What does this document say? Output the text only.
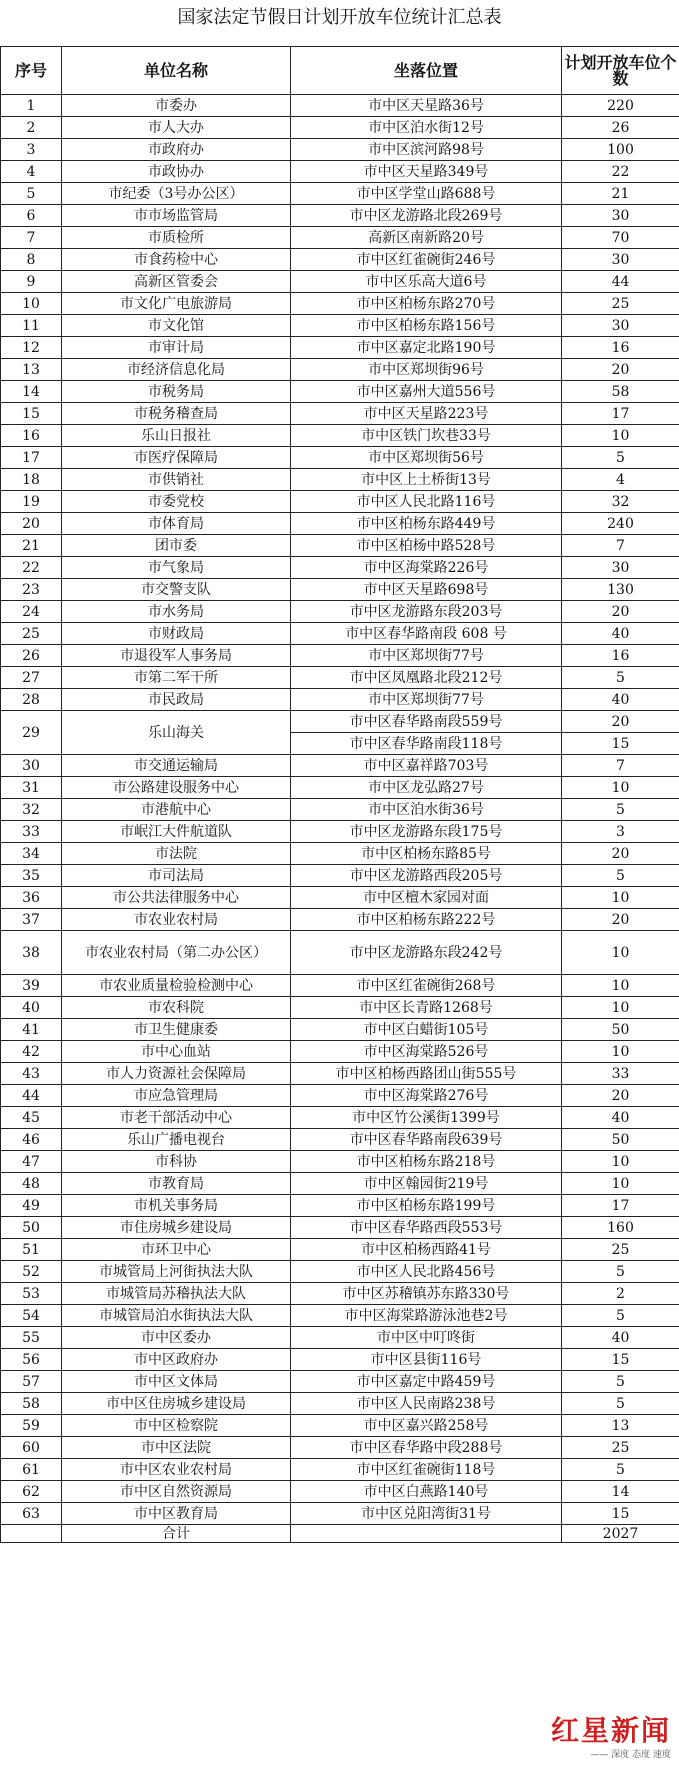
国家法定节假日计划开放车位统计汇总表
序号	单位名称	坐落位置	计划开放车位个数
1	市委办	市中区天星路36号	220
2	市人大办	市中区泊水街12号	26
3	市政府办	市中区滨河路98号	100
4	市政协办	市中区天星路349号	22
5	市纪委（3号办公区）	市中区学堂山路688号	21
6	市市场监管局	市中区龙游路北段269号	30
7	市质检所	高新区南新路20号	70
8	市食药检中心	市中区红雀碗街246号	30
9	高新区管委会	市中区乐高大道6号	44
10	市文化广电旅游局	市中区柏杨东路270号	25
11	市文化馆	市中区柏杨东路156号	30
12	市审计局	市中区嘉定北路190号	16
13	市经济信息化局	市中区郑坝街96号	20
14	市税务局	市中区嘉州大道556号	58
15	市税务稽查局	市中区天星路223号	17
16	乐山日报社	市中区铁门坎巷33号	10
17	市医疗保障局	市中区郑坝街56号	5
18	市供销社	市中区上土桥街13号	4
19	市委党校	市中区人民北路116号	32
20	市体育局	市中区柏杨东路449号	240
21	团市委	市中区柏杨中路528号	7
22	市气象局	市中区海棠路226号	30
23	市交警支队	市中区天星路698号	130
24	市水务局	市中区龙游路东段203号	20
25	市财政局	市中区春华路南段 608 号	40
26	市退役军人事务局	市中区郑坝街77号	16
27	市第二军干所	市中区凤凰路北段212号	5
28	市民政局	市中区郑坝街77号	40
29	乐山海关	市中区春华路南段559号	20
		市中区春华路南段118号	15
30	市交通运输局	市中区嘉祥路703号	7
31	市公路建设服务中心	市中区龙弘路27号	10
32	市港航中心	市中区泊水街36号	5
33	市岷江大件航道队	市中区龙游路东段175号	3
34	市法院	市中区柏杨东路85号	20
35	市司法局	市中区龙游路西段205号	5
36	市公共法律服务中心	市中区檀木家园对面	10
37	市农业农村局	市中区柏杨东路222号	20
38	市农业农村局（第二办公区）	市中区龙游路东段242号	10
39	市农业质量检验检测中心	市中区红雀碗街268号	10
40	市农科院	市中区长青路1268号	10
41	市卫生健康委	市中区白蜡街105号	50
42	市中心血站	市中区海棠路526号	10
43	市人力资源社会保障局	市中区柏杨西路团山街555号	33
44	市应急管理局	市中区海棠路276号	20
45	市老干部活动中心	市中区竹公溪街1399号	40
46	乐山广播电视台	市中区春华路南段639号	50
47	市科协	市中区柏杨东路218号	10
48	市教育局	市中区翰园街219号	10
49	市机关事务局	市中区柏杨东路199号	17
50	市住房城乡建设局	市中区春华路西段553号	160
51	市环卫中心	市中区柏杨西路41号	25
52	市城管局上河街执法大队	市中区人民北路456号	5
53	市城管局苏稽执法大队	市中区苏稽镇苏东路330号	2
54	市城管局泊水街执法大队	市中区海棠路游泳池巷2号	5
55	市中区委办	市中区中叮咚街	40
56	市中区政府办	市中区县街116号	15
57	市中区文体局	市中区嘉定中路459号	5
58	市中区住房城乡建设局	市中区人民南路238号	5
59	市中区检察院	市中区嘉兴路258号	13
60	市中区法院	市中区春华路中段288号	25
61	市中区农业农村局	市中区红雀碗街118号	5
62	市中区自然资源局	市中区白燕路140号	14
63	市中区教育局	市中区兑阳湾街31号	15
	合计		2027
红星新闻
—— 深度 态度 速度
